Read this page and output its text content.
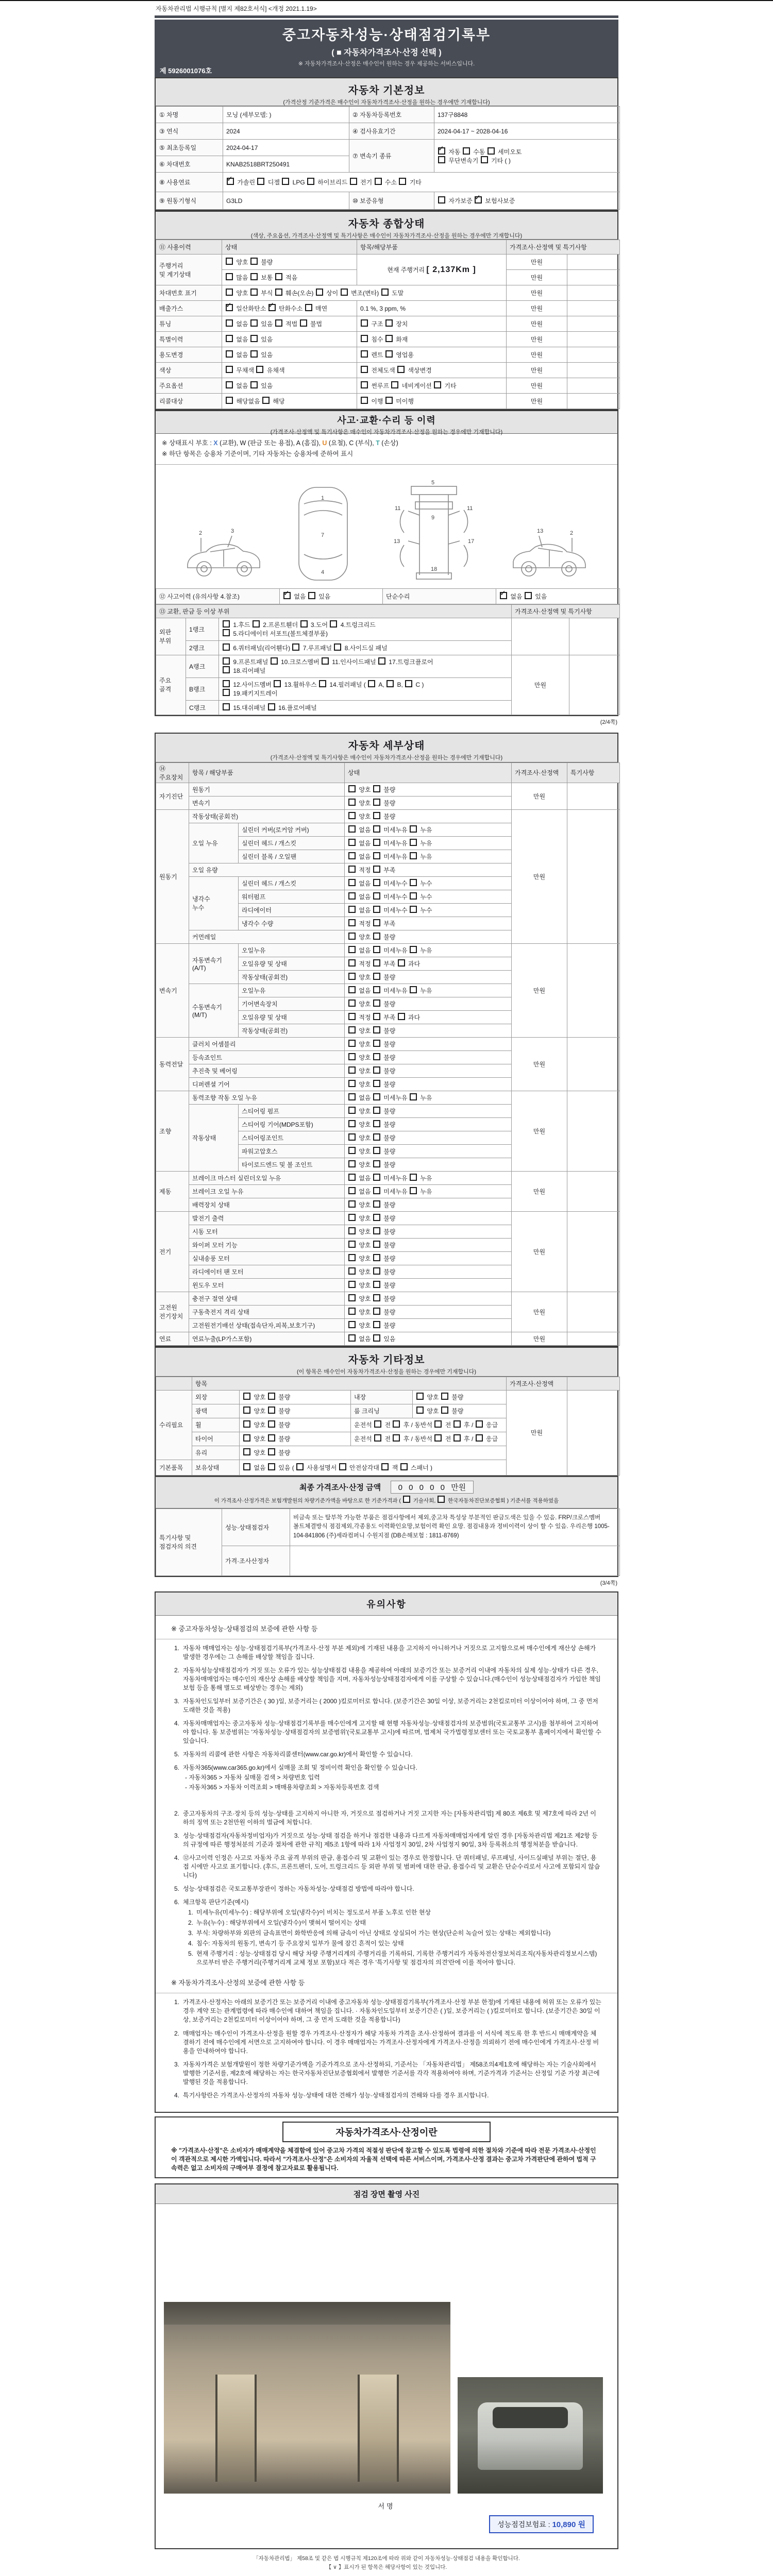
자동차관리법 시행규칙 [별지 제82호서식] <개정 2021.1.19>
중고자동차성능·상태점검기록부
( ■ 자동차가격조사·산정 선택 )
※ 자동차가격조사·산정은 매수인이 원하는 경우 제공하는 서비스입니다.
제 5926001076호
자동차 기본정보
(가격산정 기준가격은 매수인이 자동차가격조사·산정을 원하는 경우에만 기재합니다)
① 차명	모닝 (세부모델: )	② 자동차등록번호	137구8848
③ 연식	2024	④ 검사유효기간	2024-04-17 ~ 2028-04-16
⑤ 최초등록일	2024-04-17	⑦ 변속기 종류	✓ 자동  수동  세미오토
무단변속기  기타 ( )
⑥ 차대번호	KNAB2518BRT250491		
⑧ 사용연료	✓ 가솔린  디젤  LPG  하이브리드  전기  수소  기타
⑨ 원동기형식	G3LD	⑩ 보증유형	자가보증 ✓ 보험사보증
자동차 종합상태
(색상, 주요옵션, 가격조사·산정액 및 특기사항은 매수인이 자동차가격조사·산정을 원하는 경우에만 기재합니다)
⑪ 사용이력	상태	항목/해당부품	가격조사·산정액 및 특기사항	
주행거리
및 계기상태	양호  불량	현재 주행거리 [ 2,137Km ]	만원	
	많음  보통  적음		만원	
차대번호 표기	양호  부식  훼손(오손)  상이  변조(변타)  도말		만원	
배출가스	✓ 일산화탄소 ✓ 탄화수소  매연	0.1 %, 3 ppm, %	만원	
튜닝	없음  있음  적법  불법	구조  장치	만원	
특별이력	없음  있음	침수  화재	만원	
용도변경	없음  있음	렌트  영업용	만원	
색상	무채색  유채색	전체도색  색상변경	만원	
주요옵션	없음  있음	썬루프  네비게이션  기타	만원	
리콜대상	해당없음  해당	이행  미이행	만원	
사고·교환·수리 등 이력
(가격조사·산정액 및 특기사항은 매수인이 자동차가격조사·산정을 원하는 경우에만 기재합니다)
※ 상태표시 부호 : X (교환), W (판금 또는 용접), A (흠집), U (요철), C (부식), T (손상)
※ 하단 항목은 승용차 기준이며, 기타 자동차는 승용차에 준하여 표시
2	3
1
7
4
5
9
11	11
13	17
18
2
13
⑫ 사고이력 (유의사항 4.참조)	✓ 없음  있음	단순수리	✓ 없음  있음
⑬ 교환, 판금 등 이상 부위			가격조사·산정액 및 특기사항	
외판
부위	1랭크	1.후드  2.프론트휀더  3.도어  4.트렁크리드
5.라디에이터 서포트(볼트체결부품)		
	2랭크	6.쿼터패널(리어휀다)  7.루프패널  8.사이드실 패널		
주요
골격	A랭크	9.프론트패널  10.크로스멤버  11.인사이드패널  17.트렁크플로어
18.리어패널	만원	
	B랭크	12.사이드멤버  13.휠하우스  14.필러패널 (  A,  B,  C )
19.패키지트레이		
	C랭크	15.대쉬패널  16.플로어패널		
(2/4쪽)
자동차 세부상태
(가격조사·산정액 및 특기사항은 매수인이 자동차가격조사·산정을 원하는 경우에만 기재합니다)
⑭ 주요장치	항목 / 해당부품		상태	가격조사·산정액	특기사항
자기진단	원동기		양호  불량	만원	
	변속기		양호  불량		
원동기	작동상태(공회전)		양호  불량	만원	
	오일 누유	실린더 커버(로커암 커버)	없음  미세누유  누유		
		실린더 헤드 / 개스킷	없음  미세누유  누유		
		실린더 블록 / 오일팬	없음  미세누유  누유		
	오일 유량		적정  부족		
	냉각수
누수	실린더 헤드 / 개스킷	없음  미세누수  누수		
		워터펌프	없음  미세누수  누수		
		라디에이터	없음  미세누수  누수		
		냉각수 수량	적정  부족		
	커먼레일		양호  불량		
변속기	자동변속기
(A/T)	오일누유	없음  미세누유  누유	만원	
		오일유량 및 상태	적정  부족  과다		
		작동상태(공회전)	양호  불량		
	수동변속기
(M/T)	오일누유	없음  미세누유  누유		
		기어변속장치	양호  불량		
		오일유량 및 상태	적정  부족  과다		
		작동상태(공회전)	양호  불량		
동력전달	클러치 어셈블리		양호  불량	만원	
	등속죠인트		양호  불량		
	추진축 및 베어링		양호  불량		
	디퍼렌셜 기어		양호  불량		
조향	동력조향 작동 오일 누유		없음  미세누유  누유	만원	
	작동상태	스티어링 펌프	양호  불량		
		스티어링 기어(MDPS포함)	양호  불량		
		스티어링조인트	양호  불량		
		파워고압호스	양호  불량		
		타이로드엔드 및 볼 조인트	양호  불량		
제동	브레이크 마스터 실린더오일 누유		없음  미세누유  누유	만원	
	브레이크 오일 누유		없음  미세누유  누유		
	배력장치 상태		양호  불량		
전기	발전기 출력		양호  불량	만원	
	시동 모터		양호  불량		
	와이퍼 모터 기능		양호  불량		
	실내송풍 모터		양호  불량		
	라디에이터 팬 모터		양호  불량		
	윈도우 모터		양호  불량		
고전원
전기장치	충전구 절연 상태		양호  불량	만원	
	구동축전지 격리 상태		양호  불량		
	고전원전기배선 상태(접속단자,피복,보호기구)		양호  불량		
연료	연료누출(LP가스포함)		없음  있음	만원	
자동차 기타정보
(이 항목은 매수인이 자동차가격조사·산정을 원하는 경우에만 기재합니다)
	항목				가격조사·산정액	
수리필요	외장	양호  불량	내장	양호  불량	만원	
	광택	양호  불량	룸 크리닝	양호  불량		
	휠	양호  불량	운전석  전  후 / 동반석  전  후 /  응급			
	타이어	양호  불량	운전석  전  후 / 동반석  전  후 /  응급			
	유리	양호  불량				
기본품목	보유상태	없음  있음 (  사용설명서  안전삼각대  잭  스패너 )				
최종 가격조사·산정 금액 0 0 0 0 0 만원
이 가격조사·산정가격은 보험개발원의 차량기준가액을 바탕으로 한 기준가격과 (  기술사회,  한국자동차진단보증협회 ) 기준서를 적용하였음
특기사항 및
점검자의 의견	성능·상태점검자	비금속 또는 탈부착 가능한 부품은 점검사항에서 제외,중고차 특성상 부분적인 판금도색은 있을 수 있음. FRP/크로스멤버 볼트체결방식 점검제외,각종용도 이력확인요망,보험이력 확인 요망. 점검내용과 정비이력이 상이 할 수 있음. 우리은행 1005-104-841806 (주)세라컴퍼니 수원지점 (DB손해보험 : 1811-8769)
	가격·조사산정자	
(3/4쪽)
유의사항
※ 중고자동차성능·상태점검의 보증에 관한 사항 등
1. 자동차 매매업자는 성능·상태점검기록부(가격조사·산정 부분 제외)에 기재된 내용을 고지하지 아니하거나 거짓으로 고지함으로써 매수인에게 재산상 손해가 발생한 경우에는 그 손해를 배상할 책임을 집니다.
2. 자동차성능상태점검자가 거짓 또는 오류가 있는 성능상태점검 내용을 제공하여 아래의 보증기간 또는 보증거리 이내에 자동차의 실제 성능·상태가 다른 경우, 자동차매매업자는 매수인의 재산상 손해를 배상할 책임을 지며, 자동차성능상태점검자에게 이를 구상할 수 있습니다.(매수인이 성능상태점검자가 가입한 책임보험 등을 통해 별도로 배상받는 경우는 제외)
3. 자동차인도일부터 보증기간은 ( 30 )일, 보증거리는 ( 2000 )킬로미터로 합니다. (보증기간은 30일 이상, 보증거리는 2천킬로미터 이상이어야 하며, 그 중 먼저 도래한 것을 적용)
4. 자동차매매업자는 중고자동차 성능·상태점검기록부를 매수인에게 고지할 때 현행 자동차성능·상태점검자의 보증범위(국토교통부 고시)를 첨부하여 고지하여야 합니다. 동 보증범위는 '자동차성능·상태점검자의 보증범위'(국토교통부 고시)에 따르며, 법제처 국가법령정보센터 또는 국토교통부 홈페이지에서 확인할 수 있습니다.
5. 자동차의 리콜에 관한 사항은 자동차리콜센터(www.car.go.kr)에서 확인할 수 있습니다.
6. 자동차365(www.car365.go.kr)에서 실매물 조회 및 정비이력 확인을 확인할 수 있습니다.
- 자동차365 > 자동차 실매물 검색 > 차량번호 입력
- 자동차365 > 자동차 이력조회 > 매매용차량조회 > 자동차등록번호 검색
2. 중고자동차의 구조·장치 등의 성능·상태를 고지하지 아니한 자, 거짓으로 점검하거나 거짓 고지한 자는 [자동차관리법] 제 80조 제6호 및 제7호에 따라 2년 이하의 징역 또는 2천만원 이하의 벌금에 처합니다.
3. 성능·상태점검자(자동차정비업자)가 거짓으로 성능·상태 점검을 하거나 점검한 내용과 다르게 자동차매매업자에게 알린 경우 [자동차관리법 제21조 제2항 등의 규정에 따른 행정처분의 기준과 절차에 관한 규칙] 제5조 1항에 따라 1차 사업정지 30일, 2차 사업정지 90일, 3차 등록취소의 행정처분을 받습니다.
4. ⑫사고이력 인정은 사고로 자동차 주요 골격 부위의 판금, 용접수리 및 교환이 있는 경우로 한정합니다. 단 쿼터패널, 루프패널, 사이드실패널 부위는 절단, 용접 시에만 사고로 표기합니다. (후드, 프론트펜더, 도어, 트렁크리드 등 외판 부위 및 범퍼에 대한 판금, 용접수리 및 교환은 단순수리로서 사고에 포함되지 않습니다)
5. 성능·상태점검은 국토교통부장관이 정하는 자동차성능·상태점검 방법에 따라야 합니다.
6. 체크항목 판단기준(예시)
1. 미세누유(미세누수) : 해당부위에 오일(냉각수)이 비치는 정도로서 부품 노후로 인한 현상
2. 누유(누수) : 해당부위에서 오일(냉각수)이 맺혀서 떨어지는 상태
3. 부식: 차량하부와 외판의 금속표면이 화학반응에 의해 금속이 아닌 상태로 상실되어 가는 현상(단순히 녹슬어 있는 상태는 제외합니다)
4. 침수: 자동차의 원동기, 변속기 등 주요장치 일부가 물에 잠긴 흔적이 있는 상태
5. 현재 주행거리 : 성능·상태점검 당시 해당 차량 주행거리계의 주행거리를 기록하되, 기록한 주행거리가 자동차전산정보처리조직(자동차관리정보시스템)으로부터 받은 주행거리(주행거리계 교체 정보 포함)보다 적은 경우 '특기사항 및 점검자의 의견'란에 이를 적어야 합니다.
※ 자동차가격조사·산정의 보증에 관한 사항 등
1. 가격조사·산정자는 아래의 보증기간 또는 보증거리 이내에 중고자동차 성능·상태점검기록부(가격조사·산정 부분 한정)에 기재된 내용에 허위 또는 오류가 있는 경우 계약 또는 관계법령에 따라 매수인에 대하여 책임을 집니다. · 자동차인도일부터 보증기간은 ( )일, 보증거리는 ( )킬로미터로 합니다. (보증기간은 30일 이상, 보증거리는 2천킬로미터 이상이어야 하며, 그 중 먼저 도래한 것을 적용합니다)
2. 매매업자는 매수인이 가격조사·산정을 원할 경우 가격조사·산정자가 해당 자동차 가격을 조사·산정하여 결과를 이 서식에 적도록 한 후 반드시 매매계약을 체결하기 전에 매수인에게 서면으로 고지하여야 합니다. 이 경우 매매업자는 가격조사·산정자에게 가격조사·산정을 의뢰하기 전에 매수인에게 가격조사·산정 비용을 안내하여야 합니다.
3. 자동차가격은 보험개발원이 정한 차량기준가액을 기준가격으로 조사·산정하되, 기준서는 「자동차관리법」 제58조의4제1호에 해당하는 자는 기술사회에서 발행한 기준서를, 제2호에 해당하는 자는 한국자동차진단보증협회에서 발행한 기준서를 각각 적용하여야 하며, 기준가격과 기준서는 산정일 기준 가장 최근에 발행된 것을 적용합니다.
4. 특기사항란은 가격조사·산정자의 자동차 성능·상태에 대한 견해가 성능·상태점검자의 견해와 다를 경우 표시합니다.
자동차가격조사·산정이란
※ "가격조사·산정"은 소비자가 매매계약을 체결함에 있어 중고차 가격의 적절성 판단에 참고할 수 있도록 법령에 의한 절차와 기준에 따라 전문 가격조사·산정인이 객관적으로 제시한 가액입니다. 따라서 "가격조사·산정"은 소비자의 자율적 선택에 따른 서비스이며, 가격조사·산정 결과는 중고차 가격판단에 관하여 법적 구속력은 없고 소비자의 구매여부 결정에 참고자료로 활용됩니다.
점검 장면 촬영 사진
서명
성능점검보험료 : 10,890 원
「자동차관리법」 제58조 및 같은 법 시행규칙 제120조에 따라 위와 같이 자동차성능·상태점검 내용을 확인합니다.
【 ∨ 】표시가 된 항목은 해당사항이 있는 것입니다.
